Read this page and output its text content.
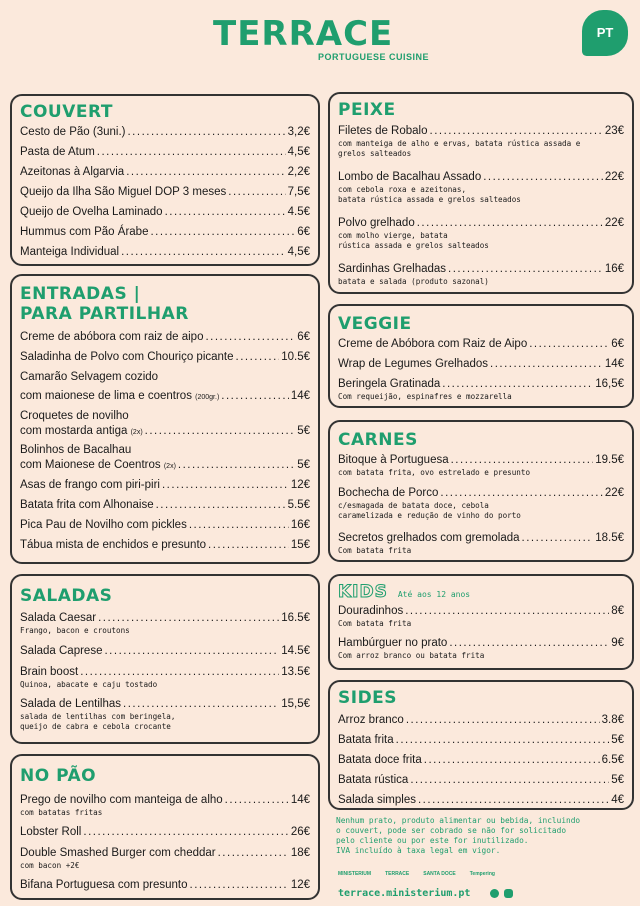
TERRACE
PORTUGUESE CUISINE
PT
COUVERT
Cesto de Pão (3uni.) .....	3,2€
Pasta de Atum .....	4,5€
Azeitonas à Algarvia .....	2,2€
Queijo da Ilha São Miguel DOP 3 meses .....	7,5€
Queijo de Ovelha Laminado .....	4.5€
Hummus com Pão Árabe .....	6€
Manteiga Individual .....	4,5€
ENTRADAS |
PARA PARTILHAR
Creme de abóbora com raiz de aipo .....	6€
Saladinha de Polvo com Chouriço picante .....	10.5€
Camarão Selvagem cozido
com maionese de lima e coentros (200gr.) .....	14€
Croquetes de novilho
com mostarda antiga (2x) .....	5€
Bolinhos de Bacalhau
com Maionese de Coentros (2x) .....	5€
Asas de frango com piri-piri .....	12€
Batata frita com Alhonaise .....	5.5€
Pica Pau de Novilho com pickles .....	16€
Tábua mista de enchidos e presunto .....	15€
SALADAS
Salada Caesar .....	16.5€
Frango, bacon e croutons
Salada Caprese .....	14.5€
Brain boost .....	13.5€
Quinoa, abacate e caju tostado
Salada de Lentilhas .....	15,5€
salada de lentilhas com beringela,
queijo de cabra e cebola crocante
NO PÃO
Prego de novilho com manteiga de alho .....	14€
com batatas fritas
Lobster Roll .....	26€
Double Smashed Burger com cheddar .....	18€
com bacon +2€
Bifana Portuguesa com presunto .....	12€
PEIXE
Filetes de Robalo .....	23€
com manteiga de alho e ervas, batata rústica assada e
grelos salteados
Lombo de Bacalhau Assado .....	22€
com cebola roxa e azeitonas,
batata rústica assada e grelos salteados
Polvo grelhado .....	22€
com molho vierge, batata
rústica assada e grelos salteados
Sardinhas Grelhadas .....	16€
batata e salada (produto sazonal)
VEGGIE
Creme de Abóbora com Raiz de Aipo .....	6€
Wrap de Legumes Grelhados .....	14€
Beringela Gratinada .....	16,5€
Com requeijão, espinafres e mozzarella
CARNES
Bitoque à Portuguesa .....	19.5€
com batata frita, ovo estrelado e presunto
Bochecha de Porco .....	22€
c/esmagada de batata doce, cebola
caramelizada e redução de vinho do porto
Secretos grelhados com gremolada .....	18.5€
Com batata frita
KIDS Até aos 12 anos
Douradinhos .....	8€
Com batata frita
Hambúrguer no prato .....	9€
Com arroz branco ou batata frita
SIDES
Arroz branco .....	3.8€
Batata frita .....	5€
Batata doce frita .....	6.5€
Batata rústica .....	5€
Salada simples .....	4€
Nenhum prato, produto alimentar ou bebida, incluindo
o couvert, pode ser cobrado se não for solicitado
pelo cliente ou por este for inutilizado.
IVA incluído à taxa legal em vigor.
MINISTERIUM	TERRACE	SANTA DOCE	Tempering
terrace.ministerium.pt
